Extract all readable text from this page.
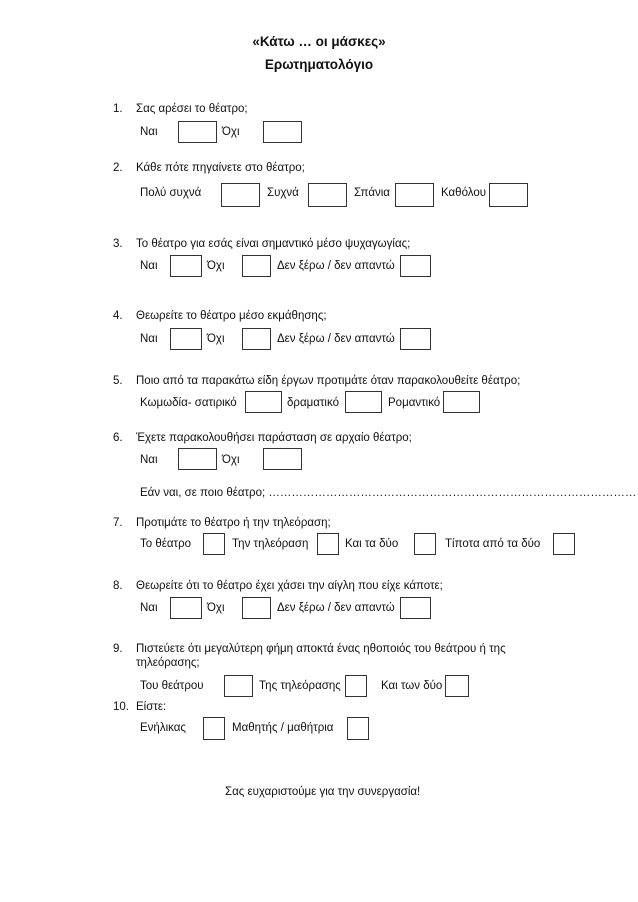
«Κάτω … οι μάσκες»
Ερωτηματολόγιο
1. Σας αρέσει το θέατρο;
Ναι	Όχι
2. Κάθε πότε πηγαίνετε στο θέατρο;
Πολύ συχνά	Συχνά	Σπάνια	Καθόλου
3. Το θέατρο για εσάς είναι σημαντικό μέσο ψυχαγωγίας;
Ναι	Όχι	Δεν ξέρω / δεν απαντώ
4. Θεωρείτε το θέατρο μέσο εκμάθησης;
Ναι	Όχι	Δεν ξέρω / δεν απαντώ
5. Ποιο από τα παρακάτω είδη έργων προτιμάτε όταν παρακολουθείτε θέατρο;
Κωμωδία- σατιρικό	δραματικό	Ρομαντικό
6. Έχετε παρακολουθήσει παράσταση σε αρχαίο θέατρο;
Ναι	Όχι
Εάν ναι, σε ποιο θέατρο; ……………………………………………………………………………………
7. Προτιμάτε το θέατρο ή την τηλεόραση;
Το θέατρο	Την τηλεόραση	Και τα δύο	Τίποτα από τα δύο
8. Θεωρείτε ότι το θέατρο έχει χάσει την αίγλη που είχε κάποτε;
Ναι	Όχι	Δεν ξέρω / δεν απαντώ
9. Πιστεύετε ότι μεγαλύτερη φήμη αποκτά ένας ηθοποιός του θεάτρου ή της
τηλεόρασης;
Του θεάτρου	Της τηλεόρασης	Και των δύο
10. Είστε:
Ενήλικας	Μαθητής / μαθήτρια
Σας ευχαριστούμε για την συνεργασία!
